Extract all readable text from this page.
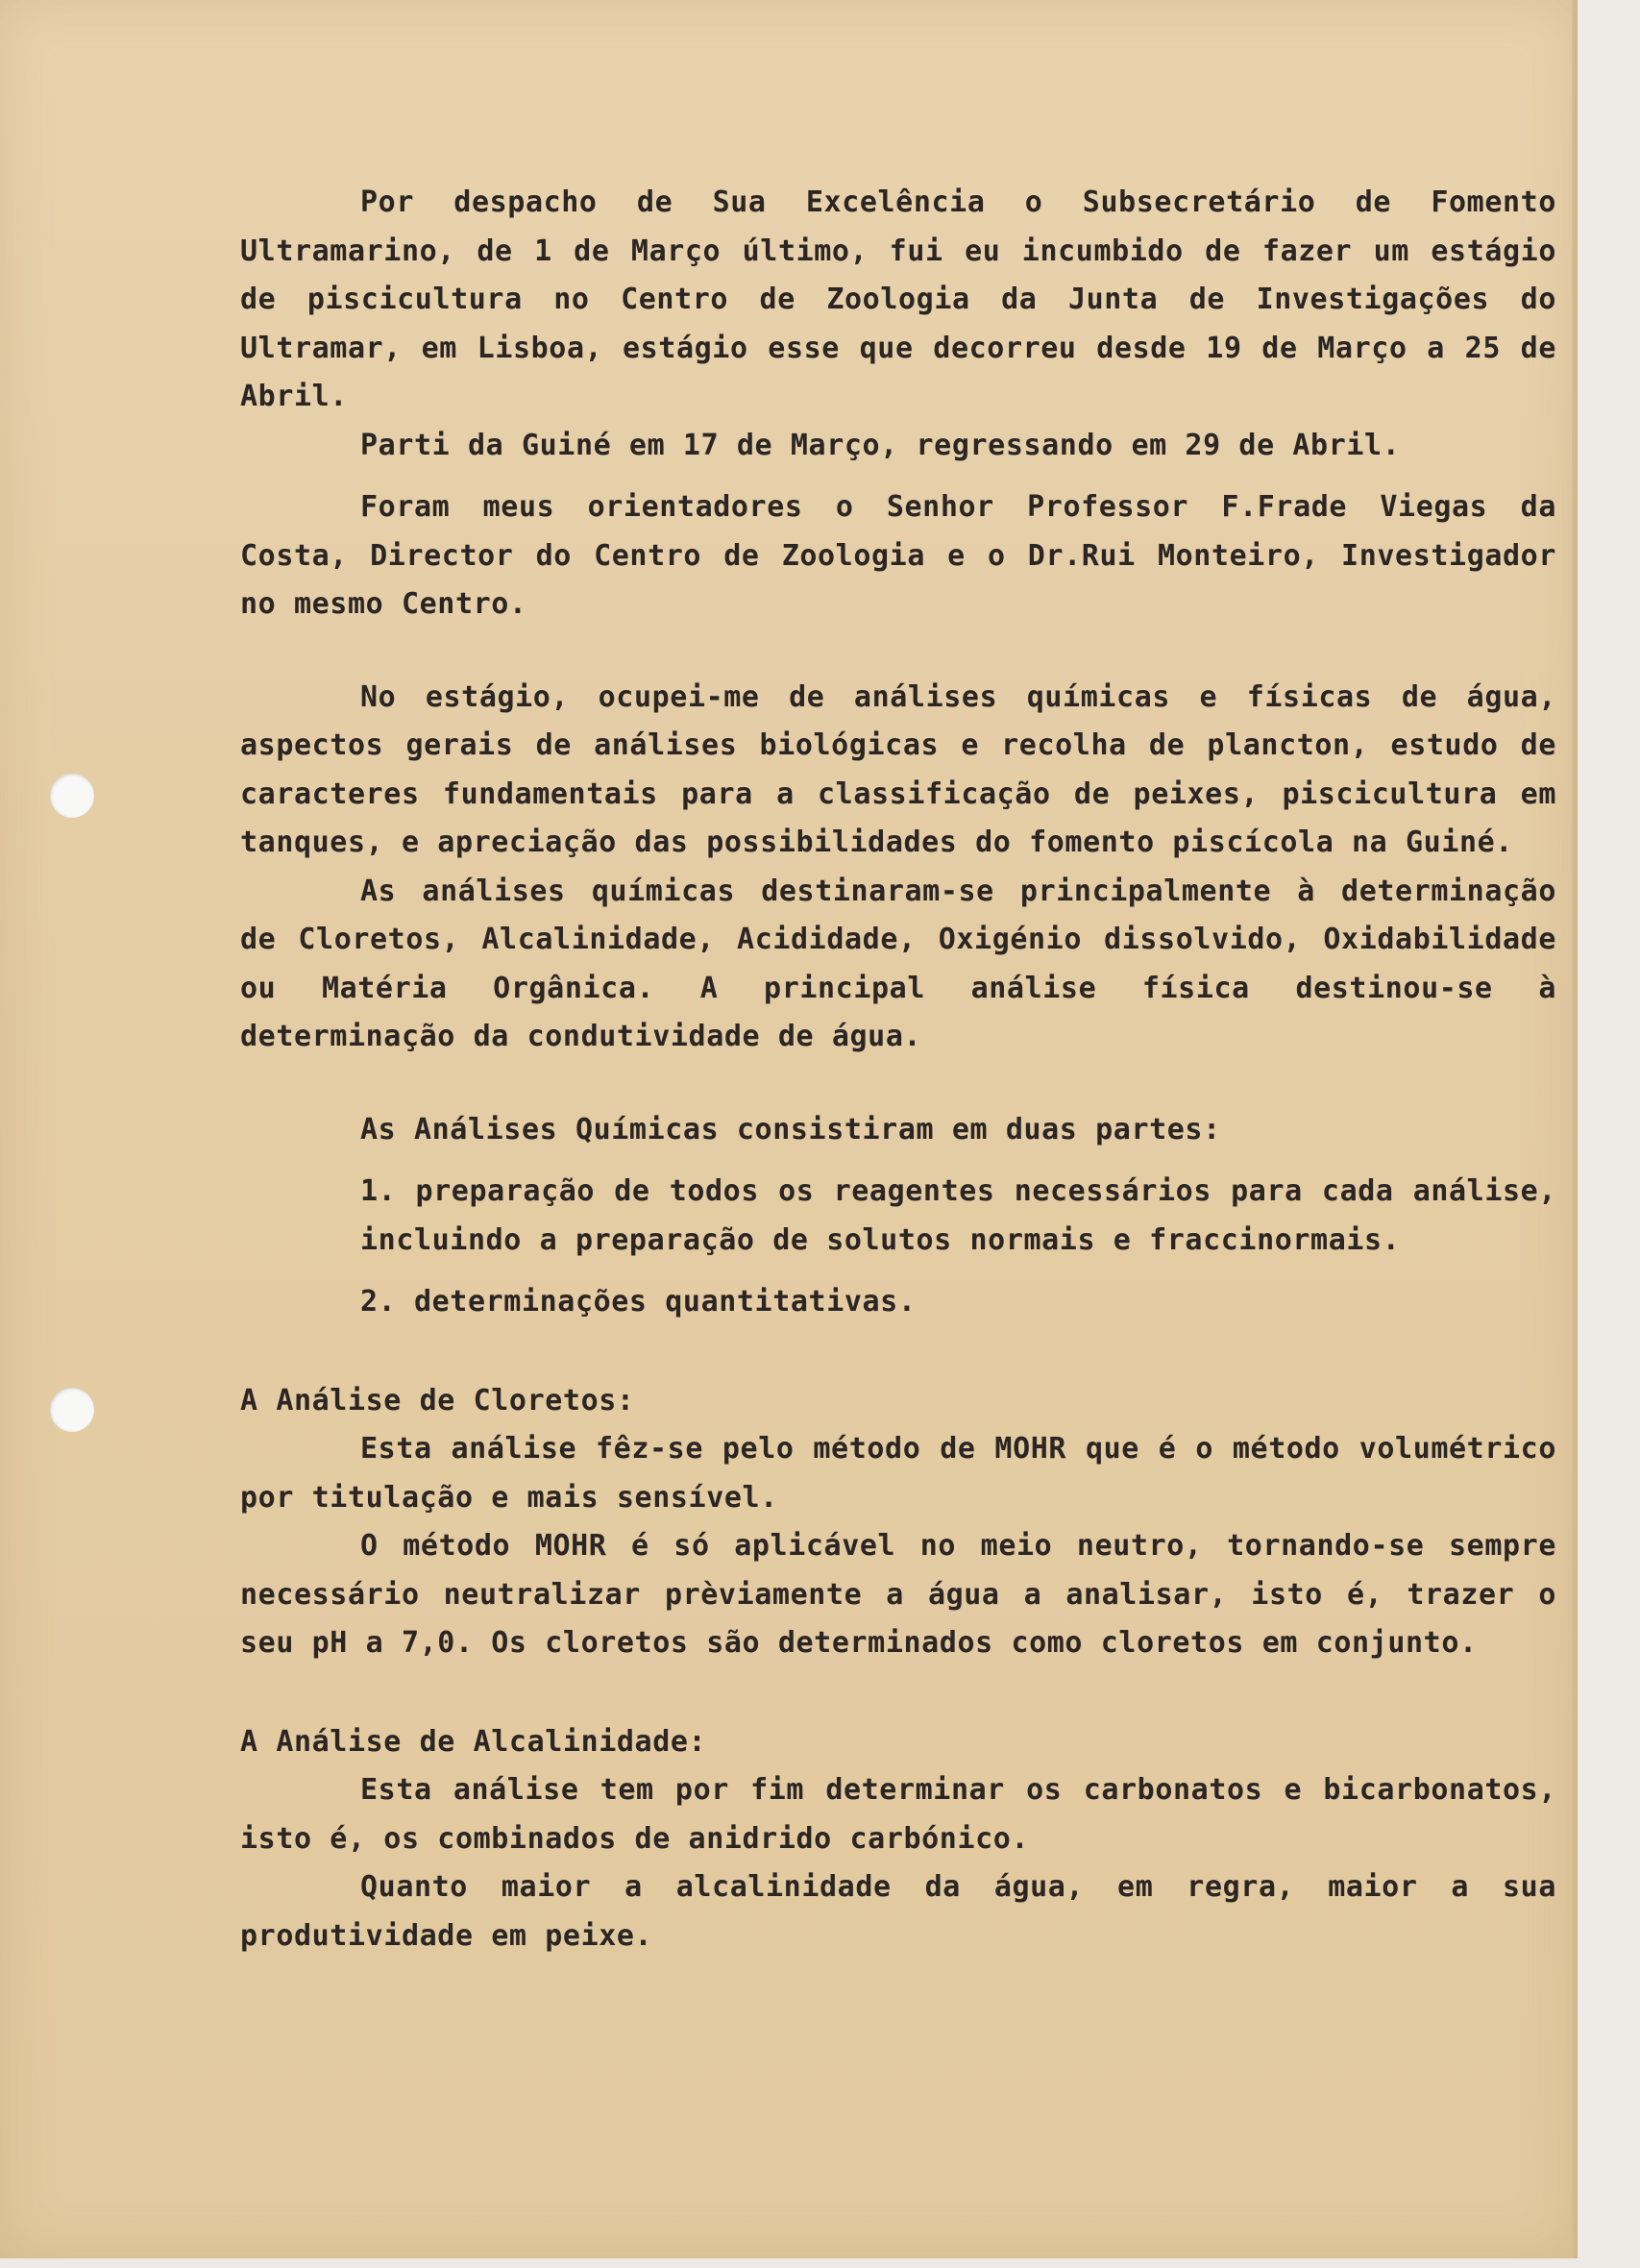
Por despacho de Sua Excelência o Subsecretário de Fomento Ultramarino, de 1 de Março último, fui eu incumbido de fazer um estágio de piscicultura no Centro de Zoologia da Junta de Investigações do Ultramar, em Lisboa, estágio esse que decorreu desde 19 de Março a 25 de Abril.

Parti da Guiné em 17 de Março, regressando em 29 de Abril.

Foram meus orientadores o Senhor Professor F.Frade Viegas da Costa, Director do Centro de Zoologia e o Dr.Rui Monteiro, Investigador no mesmo Centro.

No estágio, ocupei-me de análises químicas e físicas de água, aspectos gerais de análises biológicas e recolha de plancton, estudo de caracteres fundamentais para a classificação de peixes, piscicultura em tanques, e apreciação das possibilidades do fomento piscícola na Guiné.

As análises químicas destinaram-se principalmente à determinação de Cloretos, Alcalinidade, Acididade, Oxigénio dissolvido, Oxidabilidade ou Matéria Orgânica. A principal análise física destinou-se à determinação da condutividade de água.

As Análises Químicas consistiram em duas partes:

1. preparação de todos os reagentes necessários para cada análise, incluindo a preparação de solutos normais e fraccinormais.

2. determinações quantitativas.

A Análise de Cloretos:

Esta análise fêz-se pelo método de MOHR que é o método volumétrico por titulação e mais sensível.

O método MOHR é só aplicável no meio neutro, tornando-se sempre necessário neutralizar prèviamente a água a analisar, isto é, trazer o seu pH a 7,0. Os cloretos são determinados como cloretos em conjunto.

A Análise de Alcalinidade:

Esta análise tem por fim determinar os carbonatos e bicarbonatos, isto é, os combinados de anidrido carbónico.

Quanto maior a alcalinidade da água, em regra, maior a sua produtividade em peixe.
